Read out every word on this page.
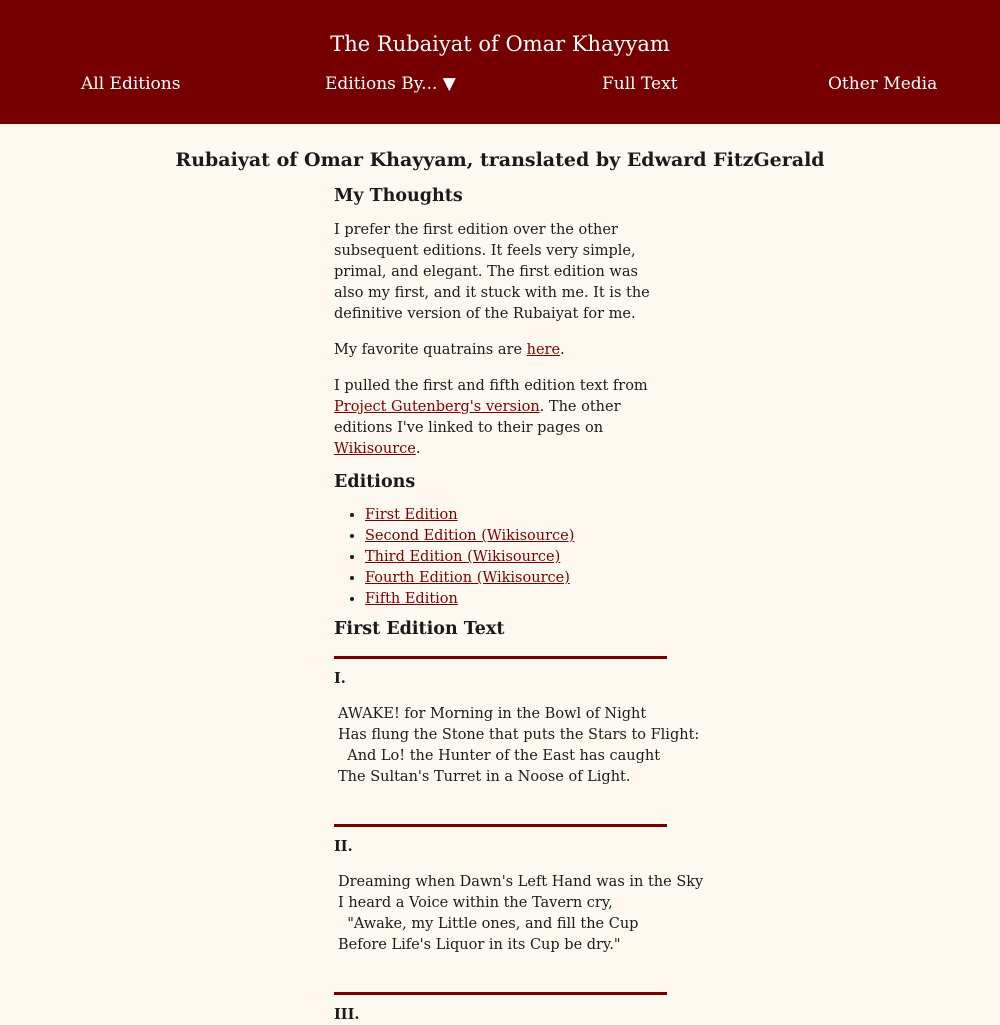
The Rubaiyat of Omar Khayyam
All Editions	Editions By... ▼	Full Text	Other Media
Rubaiyat of Omar Khayyam, translated by Edward FitzGerald
My Thoughts

I prefer the first edition over the other subsequent editions. It feels very simple, primal, and elegant. The first edition was also my first, and it stuck with me. It is the definitive version of the Rubaiyat for me.

My favorite quatrains are here.

I pulled the first and fifth edition text from Project Gutenberg's version. The other editions I've linked to their pages on Wikisource.

Editions
• First Edition
• Second Edition (Wikisource)
• Third Edition (Wikisource)
• Fourth Edition (Wikisource)
• Fifth Edition
First Edition Text
I.
AWAKE! for Morning in the Bowl of Night
Has flung the Stone that puts the Stars to Flight:
And Lo! the Hunter of the East has caught
The Sultan's Turret in a Noose of Light.
II.
Dreaming when Dawn's Left Hand was in the Sky
I heard a Voice within the Tavern cry,
"Awake, my Little ones, and fill the Cup
Before Life's Liquor in its Cup be dry."
III.
